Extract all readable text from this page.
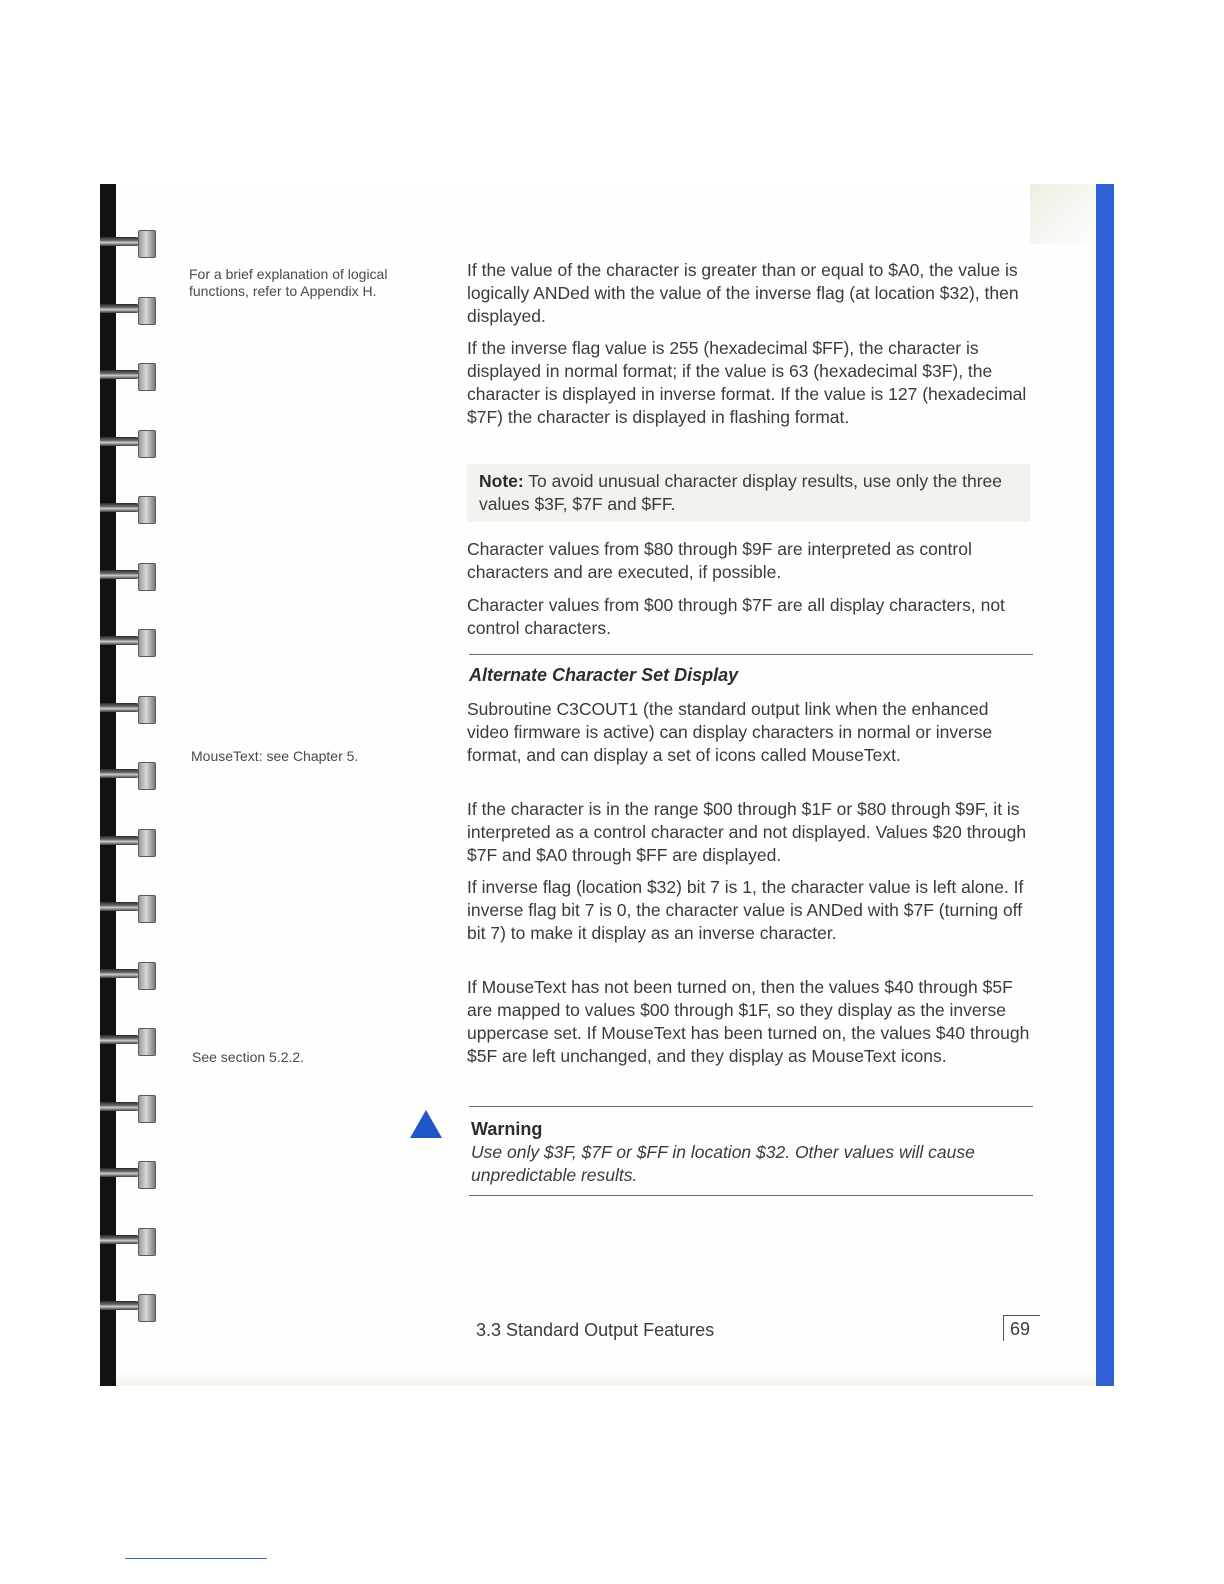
For a brief explanation of logical functions, refer to Appendix H.
MouseText: see Chapter 5.
See section 5.2.2.
If the value of the character is greater than or equal to $A0, the value is logically ANDed with the value of the inverse flag (at location $32), then displayed.
If the inverse flag value is 255 (hexadecimal $FF), the character is displayed in normal format; if the value is 63 (hexadecimal $3F), the character is displayed in inverse format. If the value is 127 (hexadecimal $7F) the character is displayed in flashing format.
Note: To avoid unusual character display results, use only the three values $3F, $7F and $FF.
Character values from $80 through $9F are interpreted as control characters and are executed, if possible.
Character values from $00 through $7F are all display characters, not control characters.
Alternate Character Set Display
Subroutine C3COUT1 (the standard output link when the enhanced video firmware is active) can display characters in normal or inverse format, and can display a set of icons called MouseText.
If the character is in the range $00 through $1F or $80 through $9F, it is interpreted as a control character and not displayed. Values $20 through $7F and $A0 through $FF are displayed.
If inverse flag (location $32) bit 7 is 1, the character value is left alone. If inverse flag bit 7 is 0, the character value is ANDed with $7F (turning off bit 7) to make it display as an inverse character.
If MouseText has not been turned on, then the values $40 through $5F are mapped to values $00 through $1F, so they display as the inverse uppercase set. If MouseText has been turned on, the values $40 through $5F are left unchanged, and they display as MouseText icons.
Warning
Use only $3F, $7F or $FF in location $32. Other values will cause unpredictable results.
3.3 Standard Output Features	69
